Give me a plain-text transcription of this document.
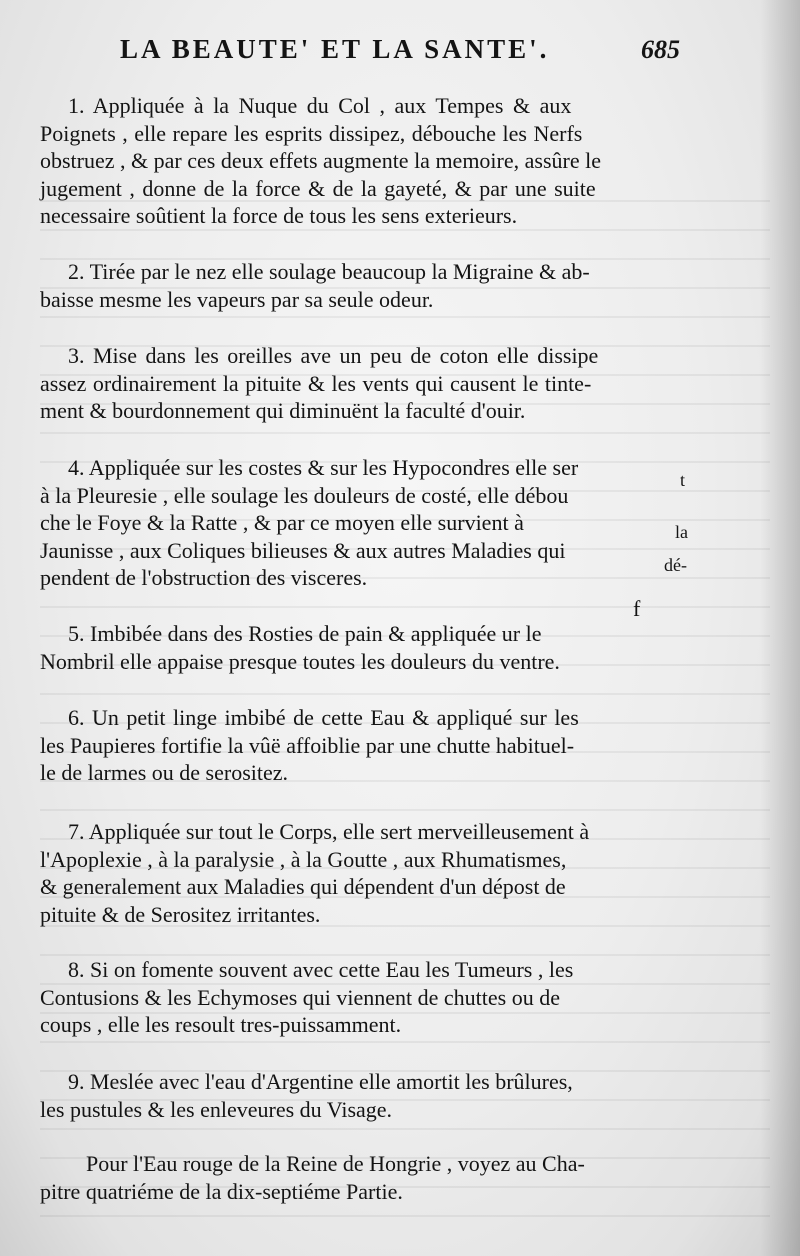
LA BEAUTE' ET LA SANTE'.	685

1. Appliquée à la Nuque du Col , aux Tempes & aux
Poignets , elle repare les esprits dissipez, débouche les Nerfs
obstruez , & par ces deux effets augmente la memoire, assûre le
jugement , donne de la force & de la gayeté, & par une suite
necessaire soûtient la force de tous les sens exterieurs.

2. Tirée par le nez elle soulage beaucoup la Migraine & ab-
baisse mesme les vapeurs par sa seule odeur.

3. Mise dans les oreilles ave un peu de coton elle dissipe
assez ordinairement la pituite & les vents qui causent le tinte-
ment & bourdonnement qui diminuënt la faculté d'ouir.

4. Appliquée sur les costes & sur les Hypocondres elle ser
à la Pleuresie , elle soulage les douleurs de costé, elle débou
che le Foye & la Ratte , & par ce moyen elle survient à
Jaunisse , aux Coliques bilieuses & aux autres Maladies qui
pendent de l'obstruction des visceres.

t
la
dé-
f

5. Imbibée dans des Rosties de pain & appliquée ur le
Nombril elle appaise presque toutes les douleurs du ventre.

6. Un petit linge imbibé de cette Eau & appliqué sur les
les Paupieres fortifie la vûë affoiblie par une chutte habituel-
le de larmes ou de serositez.

7. Appliquée sur tout le Corps, elle sert merveilleusement à
l'Apoplexie , à la paralysie , à la Goutte , aux Rhumatismes,
& generalement aux Maladies qui dépendent d'un dépost de
pituite & de Serositez irritantes.

8. Si on fomente souvent avec cette Eau les Tumeurs , les
Contusions & les Echymoses qui viennent de chuttes ou de
coups , elle les resoult tres-puissamment.

9. Meslée avec l'eau d'Argentine elle amortit les brûlures,
les pustules & les enleveures du Visage.

Pour l'Eau rouge de la Reine de Hongrie , voyez au Cha-
pitre quatriéme de la dix-septiéme Partie.
